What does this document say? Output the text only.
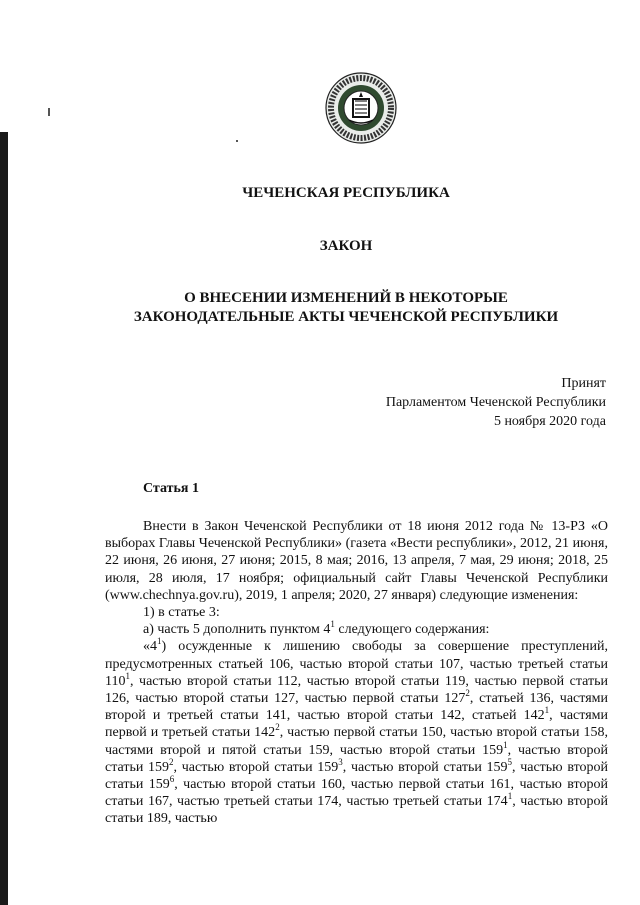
ЧЕЧЕНСКАЯ РЕСПУБЛИКА
ЗАКОН
О ВНЕСЕНИИ ИЗМЕНЕНИЙ В НЕКОТОРЫЕ
ЗАКОНОДАТЕЛЬНЫЕ АКТЫ ЧЕЧЕНСКОЙ РЕСПУБЛИКИ
Принят
Парламентом Чеченской Республики
5 ноября 2020 года
Статья 1

Внести в Закон Чеченской Республики от 18 июня 2012 года № 13-РЗ «О выборах Главы Чеченской Республики» (газета «Вести республики», 2012, 21 июня, 22 июня, 26 июня, 27 июня; 2015, 8 мая; 2016, 13 апреля, 7 мая, 29 июня; 2018, 25 июля, 28 июля, 17 ноября; официальный сайт Главы Чеченской Республики (www.chechnya.gov.ru), 2019, 1 апреля; 2020, 27 января) следующие изменения:

1) в статье 3:

а) часть 5 дополнить пунктом $4^1$ следующего содержания:

«$4^1$) осужденные к лишению свободы за совершение преступлений, предусмотренных статьей 106, частью второй статьи 107, частью третьей статьи $110^1$, частью второй статьи 112, частью второй статьи 119, частью первой статьи 126, частью второй статьи 127, частью первой статьи $127^2$, статьей 136, частями второй и третьей статьи 141, частью второй статьи 142, статьей $142^1$, частями первой и третьей статьи $142^2$, частью первой статьи 150, частью второй статьи 158, частями второй и пятой статьи 159, частью второй статьи $159^1$, частью второй статьи $159^2$, частью второй статьи $159^3$, частью второй статьи $159^5$, частью второй статьи $159^6$, частью второй статьи 160, частью первой статьи 161, частью второй статьи 167, частью третьей статьи 174, частью третьей статьи $174^1$, частью второй статьи 189, частью
